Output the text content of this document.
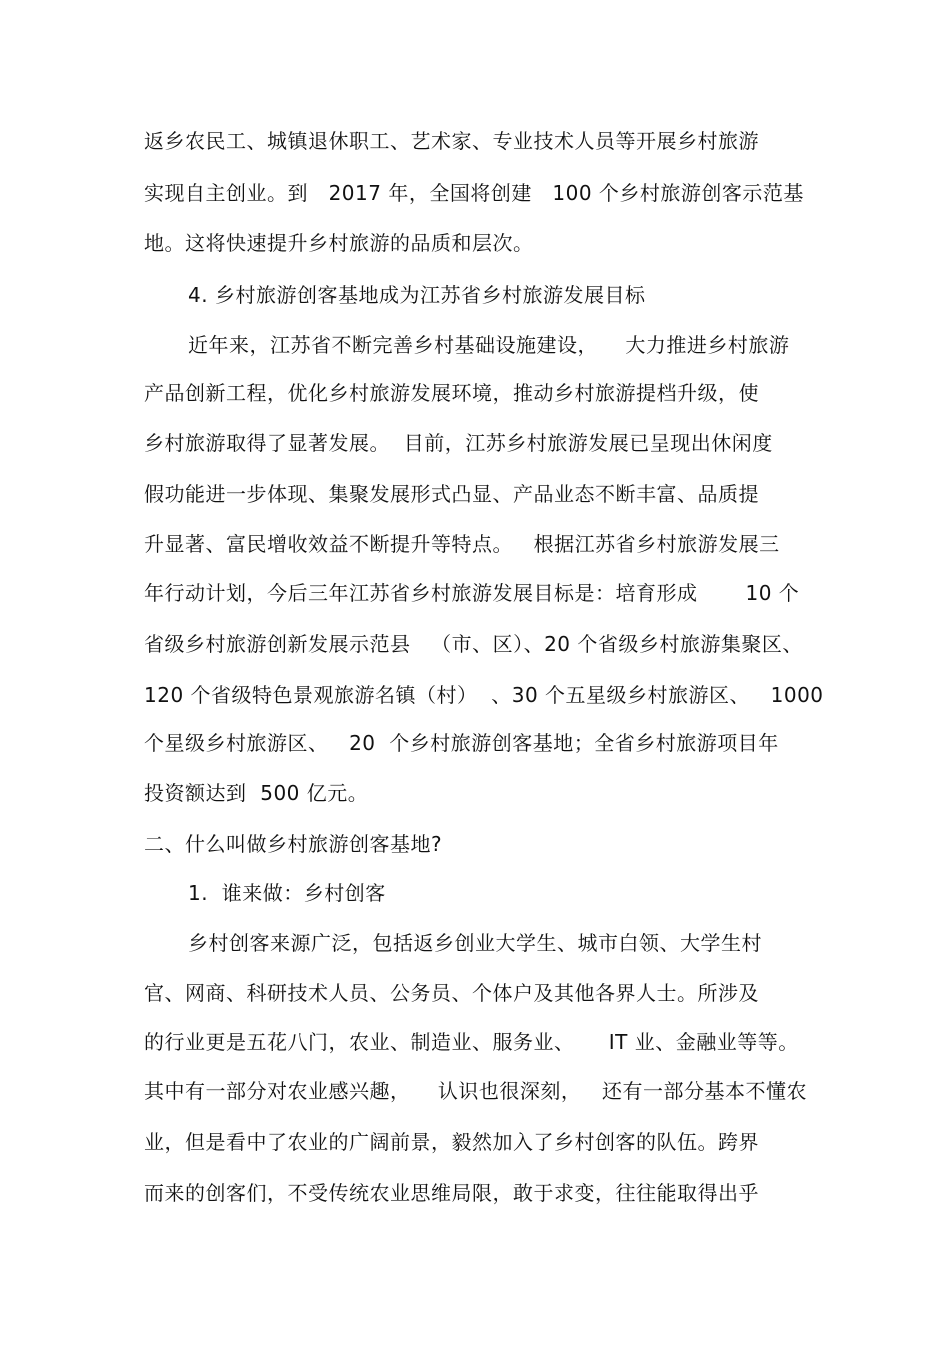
返乡农民工、城镇退休职工、艺术家、专业技术人员等开展乡村旅游
实现自主创业。到   2017 年，全国将创建   100 个乡村旅游创客示范基
地。这将快速提升乡村旅游的品质和层次。
4. 乡村旅游创客基地成为江苏省乡村旅游发展目标
近年来，江苏省不断完善乡村基础设施建设，    大力推进乡村旅游
产品创新工程，优化乡村旅游发展环境，推动乡村旅游提档升级，使
乡村旅游取得了显著发展。  目前，江苏乡村旅游发展已呈现出休闲度
假功能进一步体现、集聚发展形式凸显、产品业态不断丰富、品质提
升显著、富民增收效益不断提升等特点。   根据江苏省乡村旅游发展三
年行动计划，今后三年江苏省乡村旅游发展目标是：培育形成       10 个
省级乡村旅游创新发展示范县   （市、区）、20 个省级乡村旅游集聚区、
120 个省级特色景观旅游名镇（村）  、30 个五星级乡村旅游区、   1000
个星级乡村旅游区、   20  个乡村旅游创客基地；全省乡村旅游项目年
投资额达到  500 亿元。
二、什么叫做乡村旅游创客基地?
1.  谁来做：乡村创客
乡村创客来源广泛，包括返乡创业大学生、城市白领、大学生村
官、网商、科研技术人员、公务员、个体户及其他各界人士。所涉及
的行业更是五花八门，农业、制造业、服务业、     IT 业、金融业等等。
其中有一部分对农业感兴趣，    认识也很深刻，   还有一部分基本不懂农
业，但是看中了农业的广阔前景，毅然加入了乡村创客的队伍。跨界
而来的创客们，不受传统农业思维局限，敢于求变，往往能取得出乎
